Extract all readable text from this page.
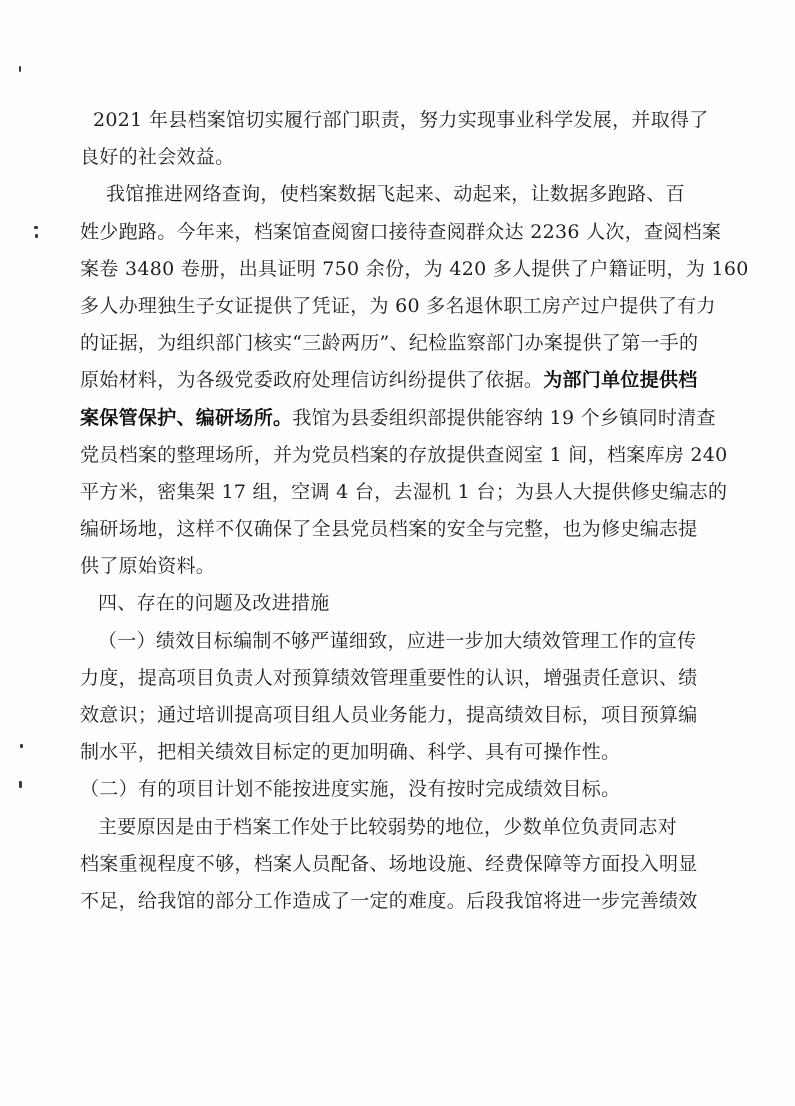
2021 年县档案馆切实履行部门职责，努力实现事业科学发展，并取得了
良好的社会效益。
我馆推进网络查询，使档案数据飞起来、动起来，让数据多跑路、百
姓少跑路。今年来，档案馆查阅窗口接待查阅群众达 2236 人次，查阅档案
案卷 3480 卷册，出具证明 750 余份，为 420 多人提供了户籍证明，为 160
多人办理独生子女证提供了凭证，为 60 多名退休职工房产过户提供了有力
的证据，为组织部门核实“三龄两历”、纪检监察部门办案提供了第一手的
原始材料，为各级党委政府处理信访纠纷提供了依据。为部门单位提供档
案保管保护、编研场所。我馆为县委组织部提供能容纳 19 个乡镇同时清查
党员档案的整理场所，并为党员档案的存放提供查阅室 1 间，档案库房 240
平方米，密集架 17 组，空调 4 台，去湿机 1 台；为县人大提供修史编志的
编研场地，这样不仅确保了全县党员档案的安全与完整，也为修史编志提
供了原始资料。
四、存在的问题及改进措施
（一）绩效目标编制不够严谨细致，应进一步加大绩效管理工作的宣传
力度，提高项目负责人对预算绩效管理重要性的认识，增强责任意识、绩
效意识；通过培训提高项目组人员业务能力，提高绩效目标，项目预算编
制水平，把相关绩效目标定的更加明确、科学、具有可操作性。
（二）有的项目计划不能按进度实施，没有按时完成绩效目标。
主要原因是由于档案工作处于比较弱势的地位，少数单位负责同志对
档案重视程度不够，档案人员配备、场地设施、经费保障等方面投入明显
不足，给我馆的部分工作造成了一定的难度。后段我馆将进一步完善绩效
